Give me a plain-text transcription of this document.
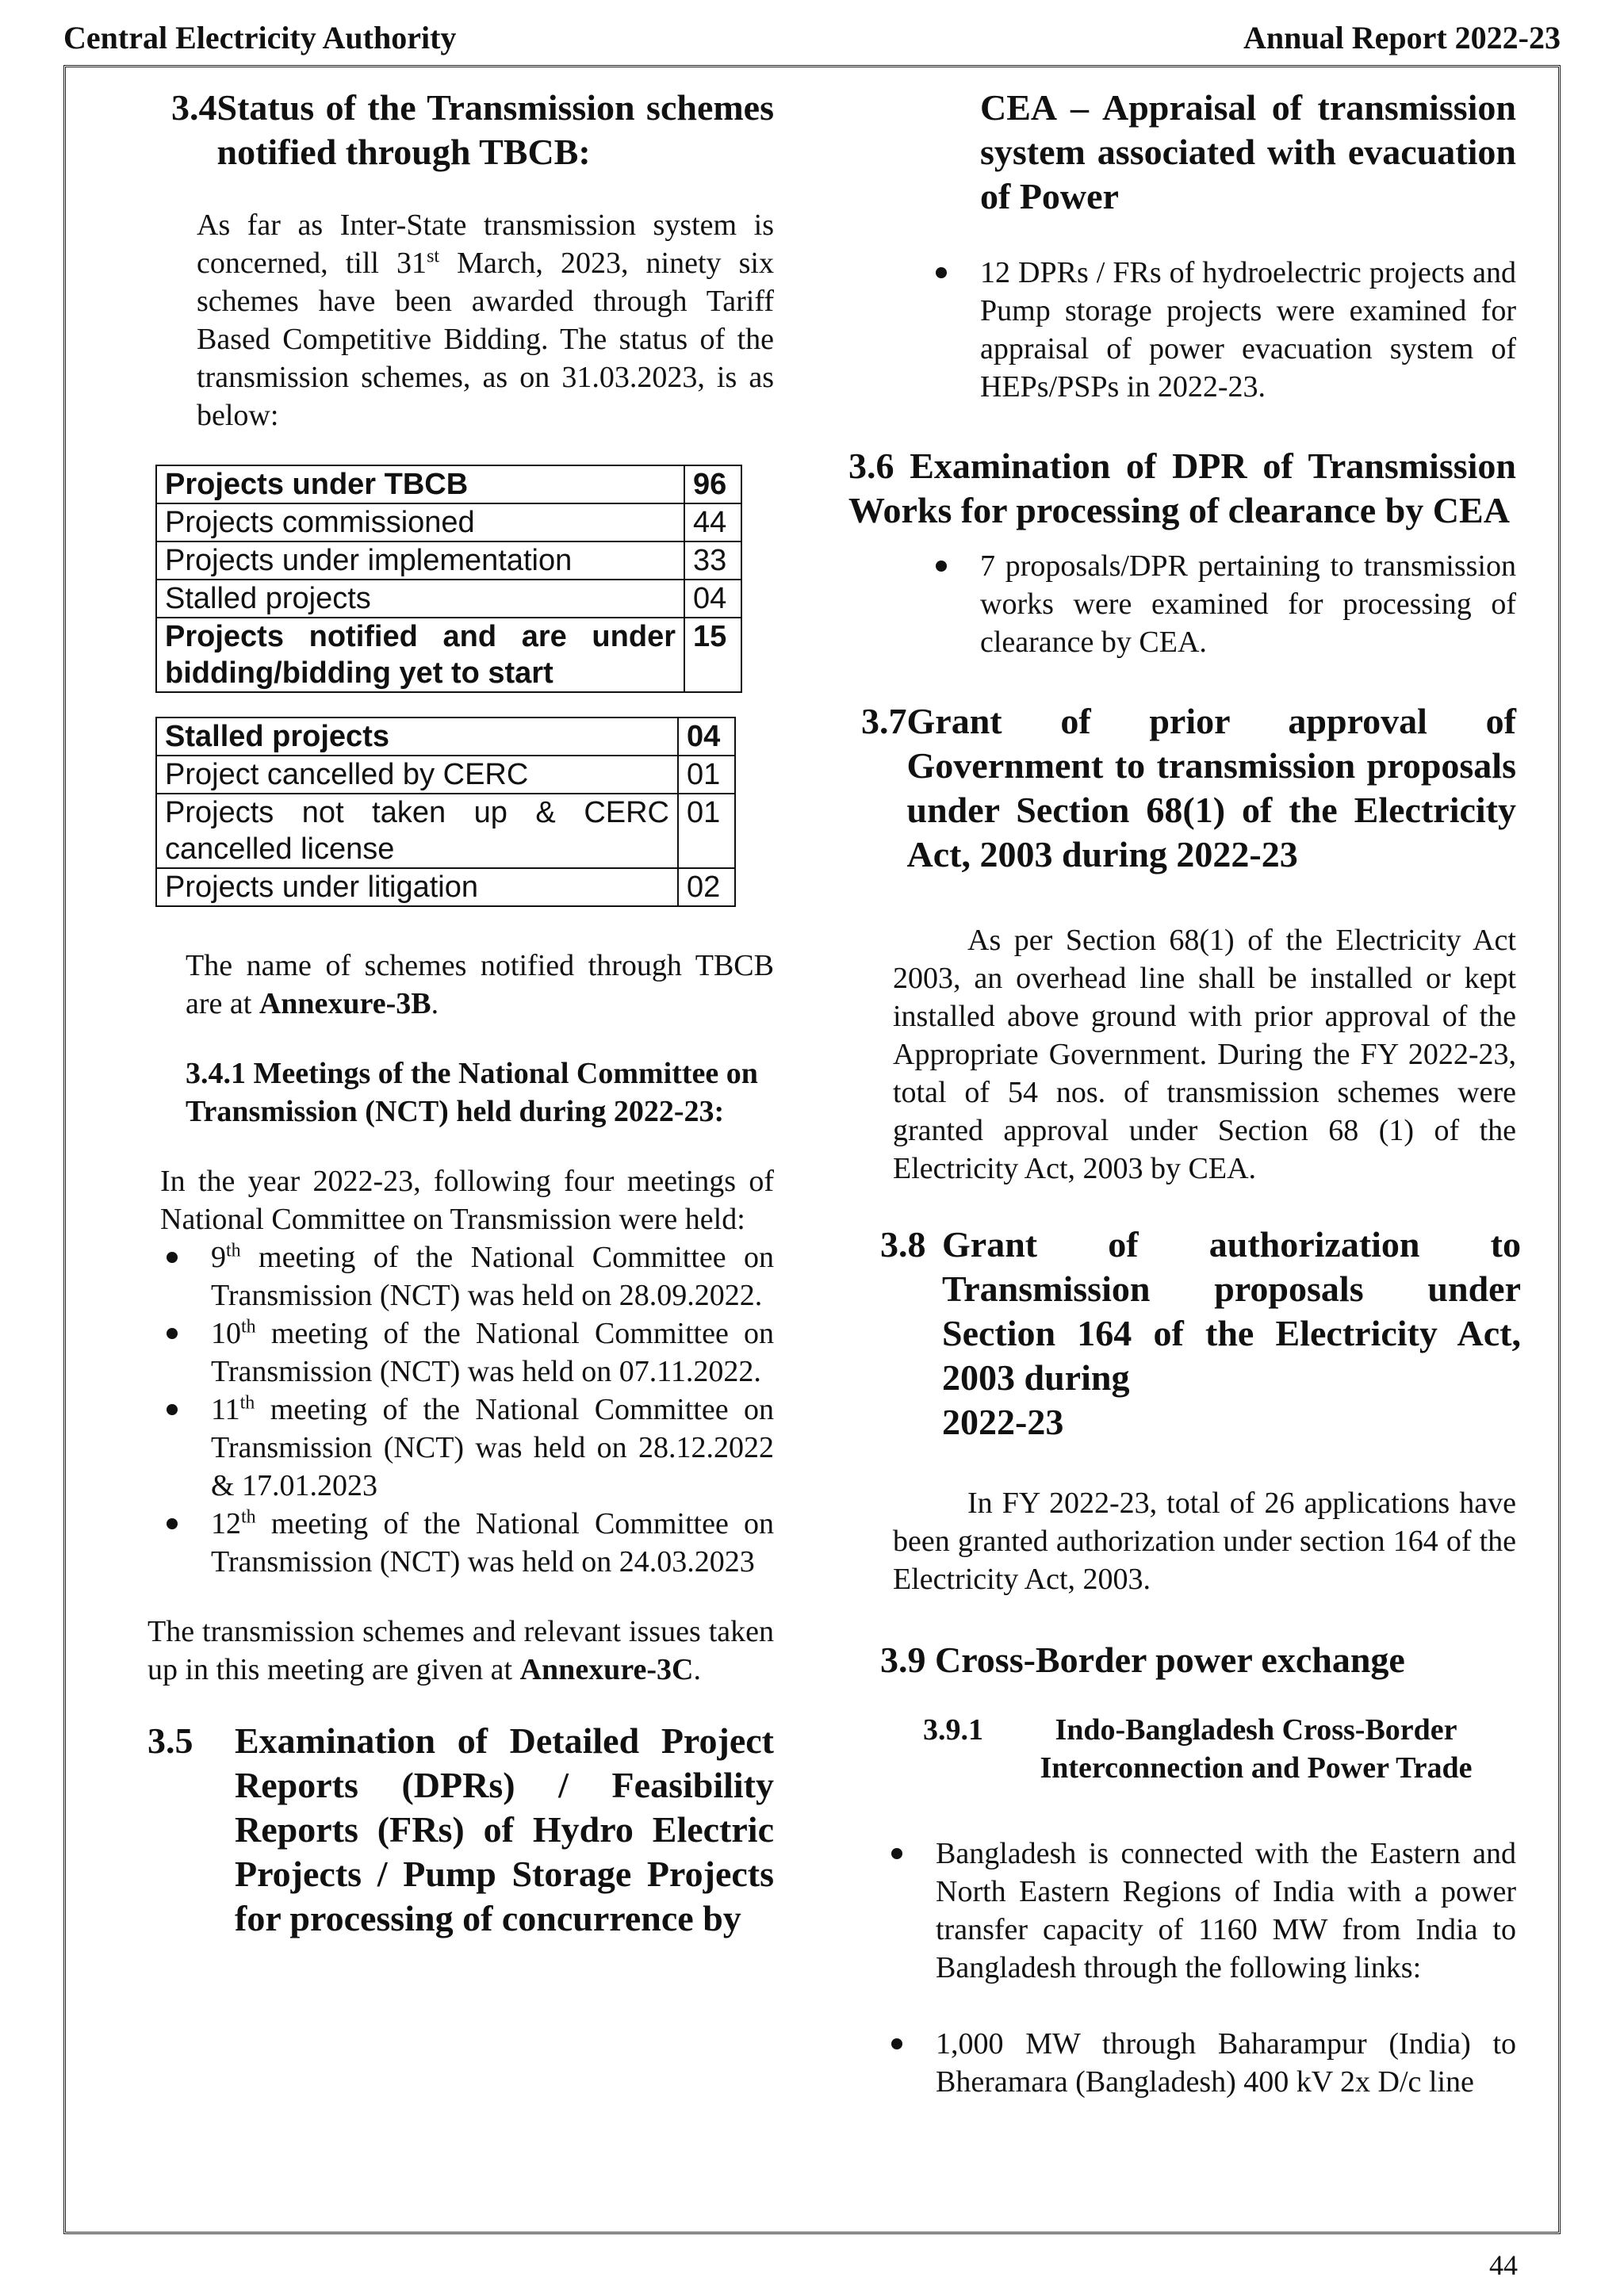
Central Electricity Authority	Annual Report 2022-23
3.4 Status of the Transmission schemes notified through TBCB:

As far as Inter-State transmission system is concerned, till 31st March, 2023, ninety six schemes have been awarded through Tariff Based Competitive Bidding. The status of the transmission schemes, as on 31.03.2023, is as below:

Projects under TBCB	96
Projects commissioned	44
Projects under implementation	33
Stalled projects	04
Projects notified and are under bidding/bidding yet to start	15
Stalled projects	04
Project cancelled by CERC	01
Projects not taken up & CERC cancelled license	01
Projects under litigation	02

The name of schemes notified through TBCB are at Annexure-3B.

3.4.1 Meetings of the National Committee on Transmission (NCT) held during 2022-23:

In the year 2022-23, following four meetings of National Committee on Transmission were held:

9th meeting of the National Committee on Transmission (NCT) was held on 28.09.2022.
10th meeting of the National Committee on Transmission (NCT) was held on 07.11.2022.
11th meeting of the National Committee on Transmission (NCT) was held on 28.12.2022 & 17.01.2023
12th meeting of the National Committee on Transmission (NCT) was held on 24.03.2023

The transmission schemes and relevant issues taken up in this meeting are given at Annexure-3C.

3.5	Examination of Detailed Project Reports (DPRs) / Feasibility Reports (FRs) of Hydro Electric Projects / Pump Storage Projects for processing of concurrence by

CEA – Appraisal of transmission system associated with evacuation of Power

12 DPRs / FRs of hydroelectric projects and Pump storage projects were examined for appraisal of power evacuation system of HEPs/PSPs in 2022-23.

3.6 Examination of DPR of Transmission Works for processing of clearance by CEA

7 proposals/DPR pertaining to transmission works were examined for processing of clearance by CEA.
3.7 Grant of prior approval of Government to transmission proposals under Section 68(1) of the Electricity Act, 2003 during 2022-23

As per Section 68(1) of the Electricity Act 2003, an overhead line shall be installed or kept installed above ground with prior approval of the Appropriate Government. During the FY 2022-23, total of 54 nos. of transmission schemes were granted approval under Section 68 (1) of the Electricity Act, 2003 by CEA.

3.8 Grant of authorization to Transmission proposals under Section 164 of the Electricity Act, 2003 during
2022-23

In FY 2022-23, total of 26 applications have been granted authorization under section 164 of the Electricity Act, 2003.

3.9 Cross-Border power exchange

3.9.1	Indo-Bangladesh Cross-Border Interconnection and Power Trade
Bangladesh is connected with the Eastern and North Eastern Regions of India with a power transfer capacity of 1160 MW from India to Bangladesh through the following links:
1,000 MW through Baharampur (India) to Bheramara (Bangladesh) 400 kV 2x D/c line
44
